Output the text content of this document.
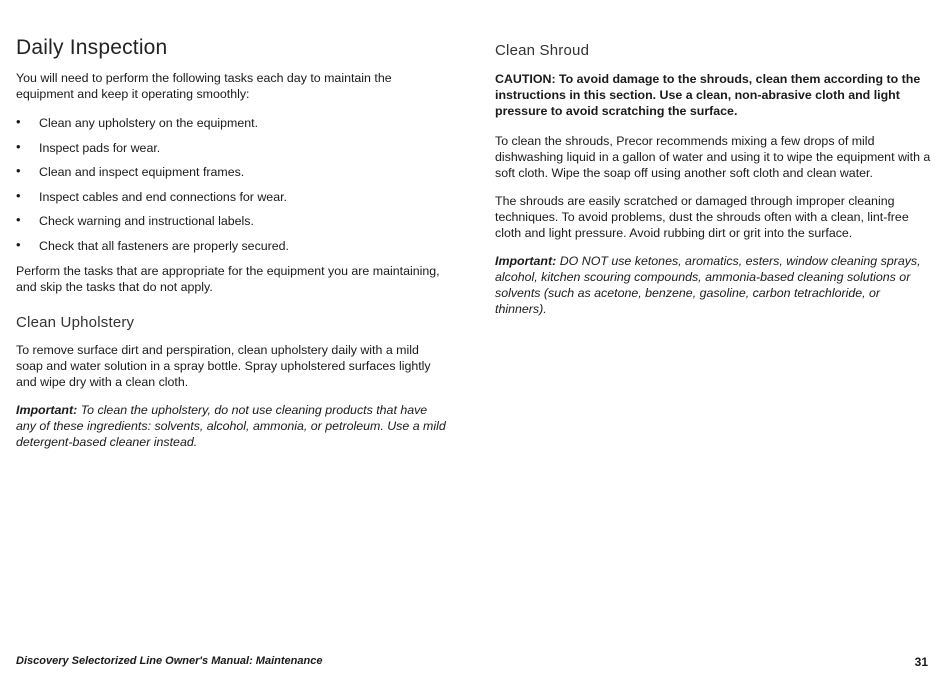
Daily Inspection

You will need to perform the following tasks each day to maintain the equipment and keep it operating smoothly:

• Clean any upholstery on the equipment.
• Inspect pads for wear.
• Clean and inspect equipment frames.
• Inspect cables and end connections for wear.
• Check warning and instructional labels.
• Check that all fasteners are properly secured.

Perform the tasks that are appropriate for the equipment you are maintaining, and skip the tasks that do not apply.

Clean Upholstery

To remove surface dirt and perspiration, clean upholstery daily with a mild soap and water solution in a spray bottle. Spray upholstered surfaces lightly and wipe dry with a clean cloth.

Important: To clean the upholstery, do not use cleaning products that have any of these ingredients: solvents, alcohol, ammonia, or petroleum. Use a mild detergent-based cleaner instead.

Clean Shroud

CAUTION: To avoid damage to the shrouds, clean them according to the instructions in this section. Use a clean, non-abrasive cloth and light pressure to avoid scratching the surface.

To clean the shrouds, Precor recommends mixing a few drops of mild dishwashing liquid in a gallon of water and using it to wipe the equipment with a soft cloth. Wipe the soap off using another soft cloth and clean water.

The shrouds are easily scratched or damaged through improper cleaning techniques. To avoid problems, dust the shrouds often with a clean, lint-free cloth and light pressure. Avoid rubbing dirt or grit into the surface.

Important: DO NOT use ketones, aromatics, esters, window cleaning sprays, alcohol, kitchen scouring compounds, ammonia-based cleaning solutions or solvents (such as acetone, benzene, gasoline, carbon tetrachloride, or thinners).

Discovery Selectorized Line Owner's Manual: Maintenance	31
